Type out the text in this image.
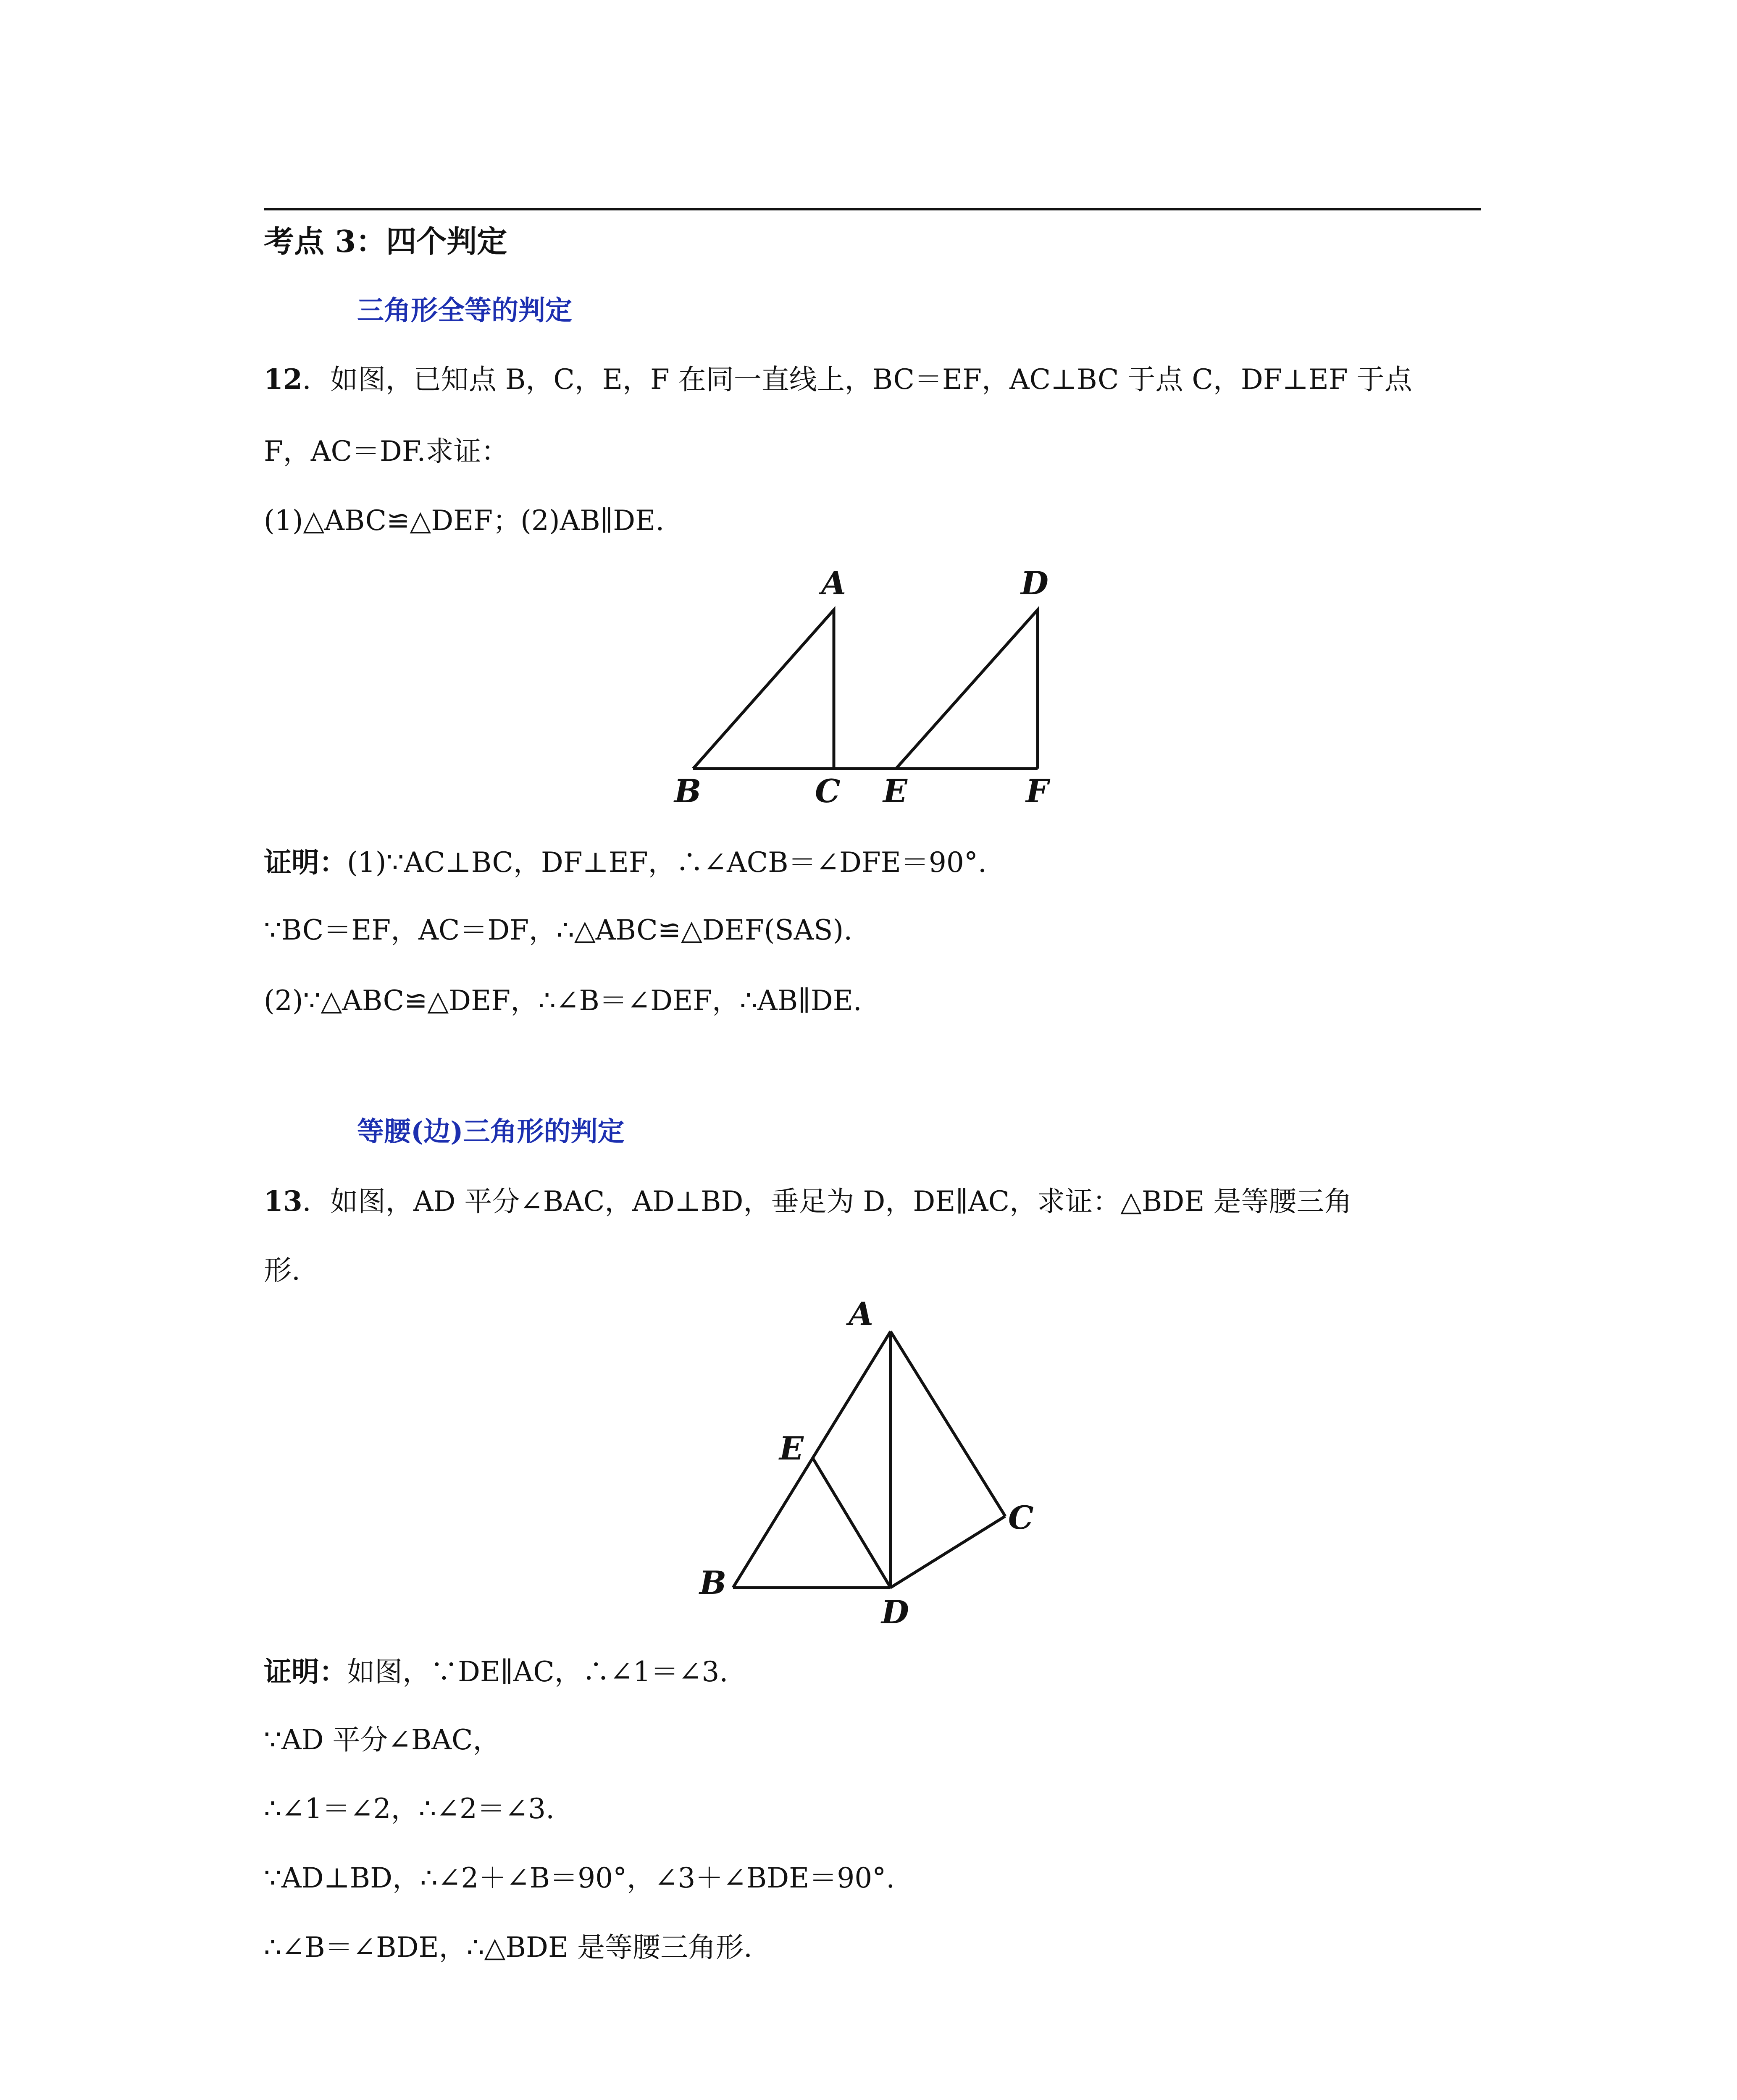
考点 3：四个判定
三角形全等的判定
12．如图，已知点 B，C，E，F 在同一直线上，BC＝EF，AC⊥BC 于点 C，DF⊥EF 于点
F，AC＝DF.求证：
(1)△ABC≌△DEF；(2)AB∥DE.
A	D
B	C E	F
证明：(1)∵AC⊥BC，DF⊥EF，∴∠ACB＝∠DFE＝90°.
∵BC＝EF，AC＝DF，∴△ABC≌△DEF(SAS).
(2)∵△ABC≌△DEF，∴∠B＝∠DEF，∴AB∥DE.
等腰(边)三角形的判定
13．如图，AD 平分∠BAC，AD⊥BD，垂足为 D，DE∥AC，求证：△BDE 是等腰三角
形.
A
E
C
B
D
证明：如图，∵DE∥AC，∴∠1＝∠3.
∵AD 平分∠BAC，
∴∠1＝∠2，∴∠2＝∠3.
∵AD⊥BD，∴∠2＋∠B＝90°，∠3＋∠BDE＝90°.
∴∠B＝∠BDE，∴△BDE 是等腰三角形.
